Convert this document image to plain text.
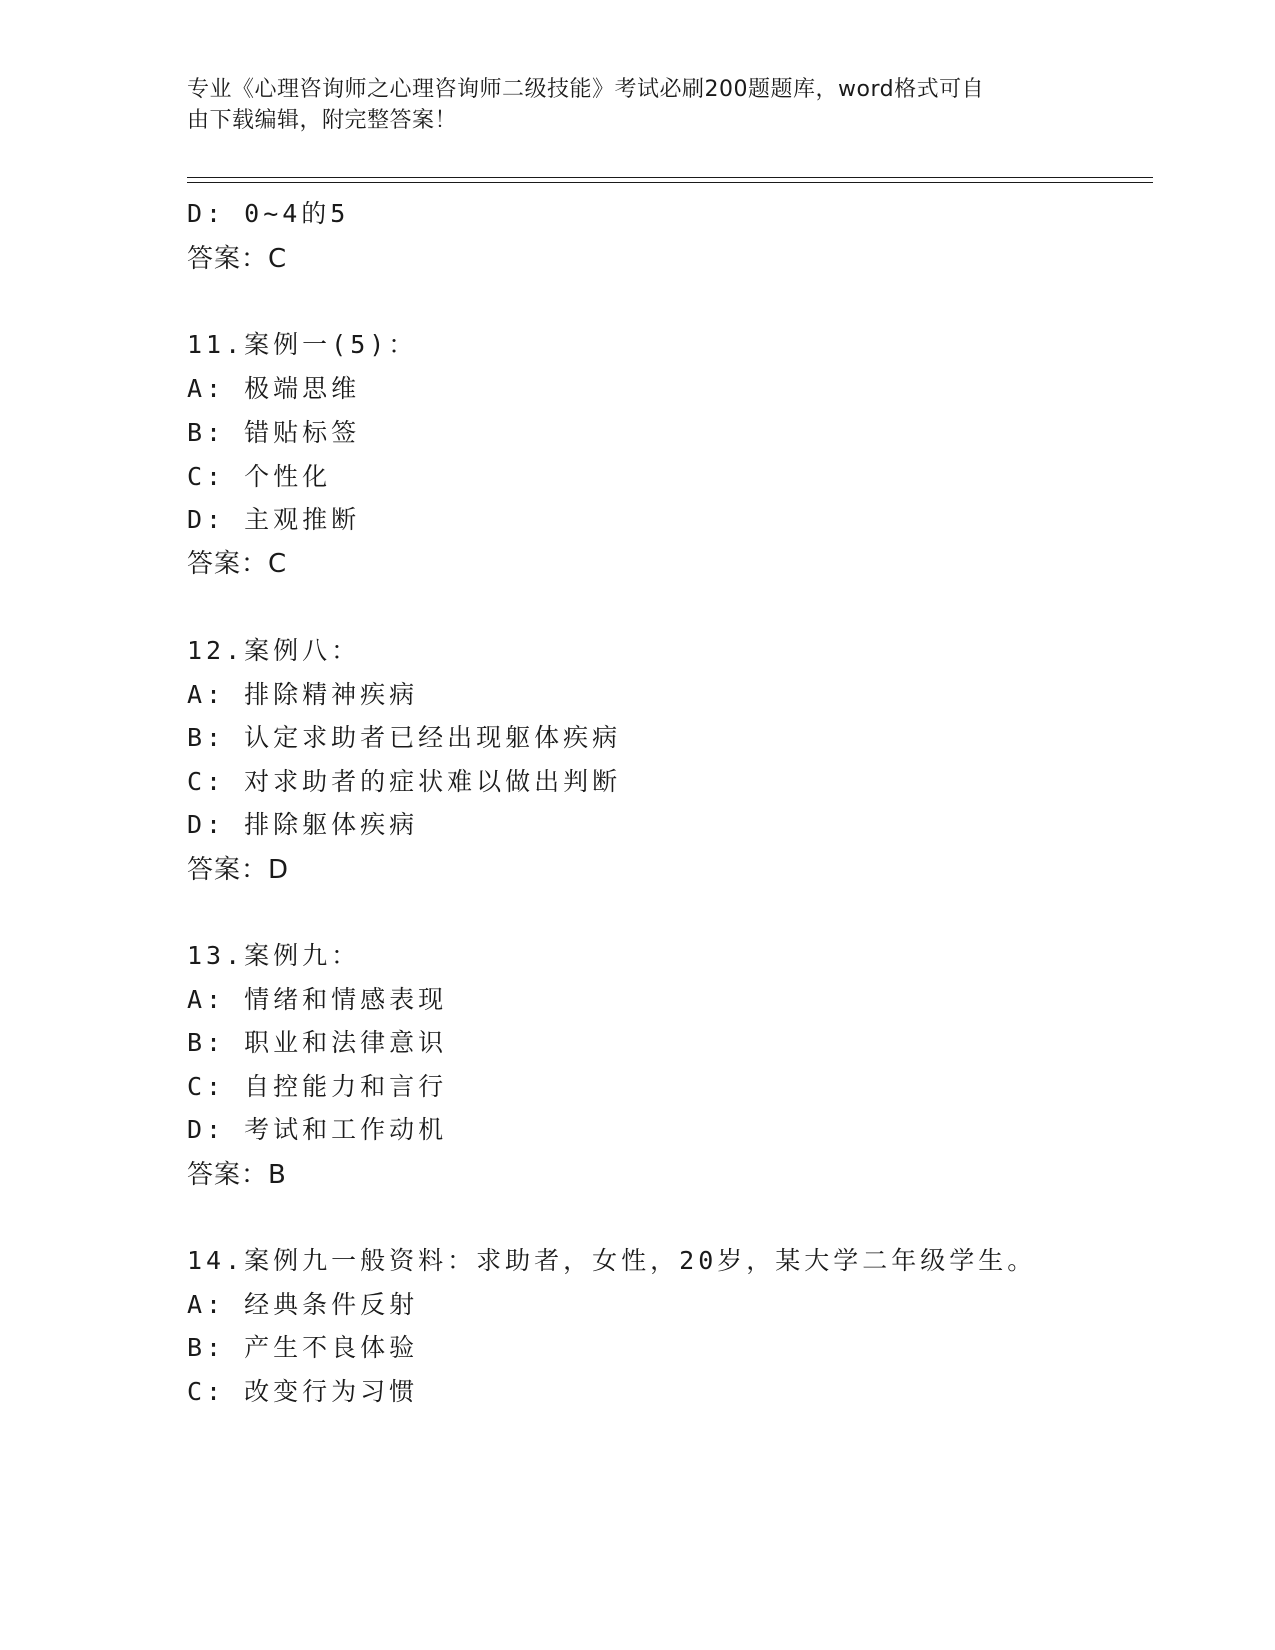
专业《心理咨询师之心理咨询师二级技能》考试必刷200题题库，word格式可自
由下载编辑，附完整答案！
D: 0~4的5
答案：C
11.案例一(5)：
A: 极端思维
B: 错贴标签
C: 个性化
D: 主观推断
答案：C
12.案例八：
A: 排除精神疾病
B: 认定求助者已经出现躯体疾病
C: 对求助者的症状难以做出判断
D: 排除躯体疾病
答案：D
13.案例九：
A: 情绪和情感表现
B: 职业和法律意识
C: 自控能力和言行
D: 考试和工作动机
答案：B
14.案例九一般资料：求助者，女性，20岁，某大学二年级学生。
A: 经典条件反射
B: 产生不良体验
C: 改变行为习惯
